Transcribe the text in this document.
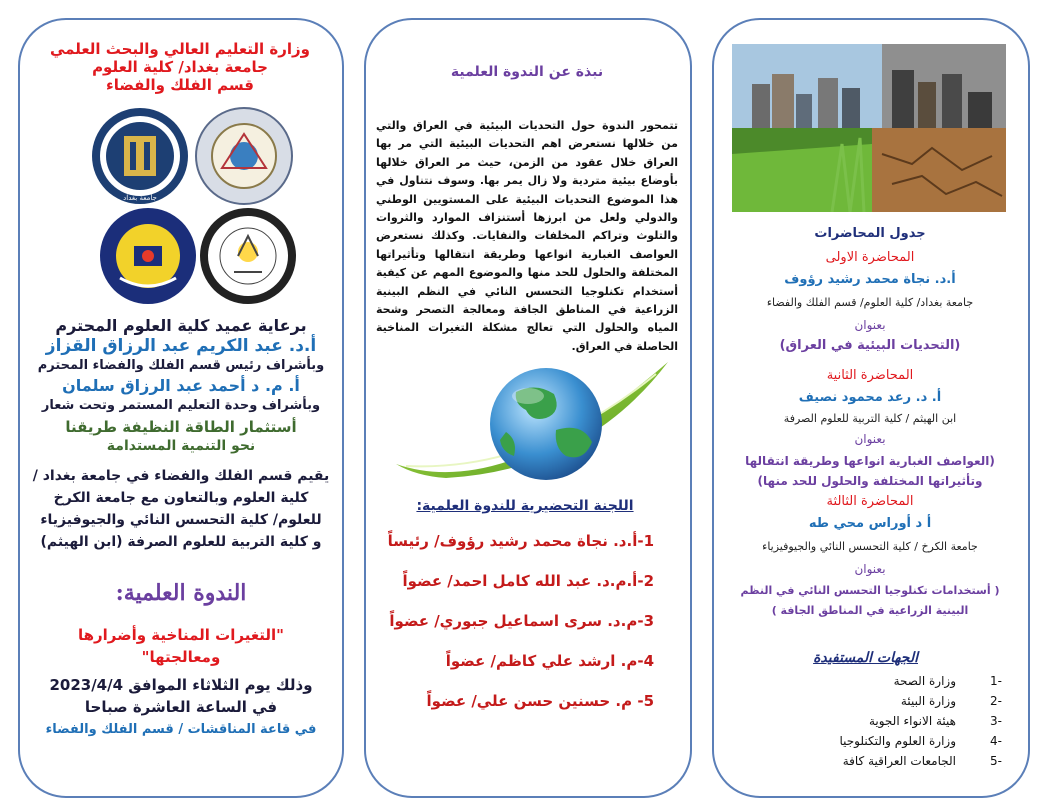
وزارة التعليم العالي والبحث العلمي
جامعة بغداد/ كلية العلوم
قسم الفلك والفضاء
جامعة بغداد
برعاية عميد كلية العلوم المحترم
أ.د. عبد الكريم عبد الرزاق القزاز
وبأشراف رئيس قسم الفلك والفضاء المحترم
أ. م. د أحمد عبد الرزاق سلمان
وبأشراف وحدة التعليم المستمر وتحت شعار
أستثمار الطاقة النظيفة طريقنا
نحو التنمية المستدامة
يقيم قسم الفلك والفضاء في جامعة بغداد /
كلية العلوم وبالتعاون مع جامعة الكرخ
للعلوم/ كلية التحسس النائي والجيوفيزياء
و كلية التربية للعلوم الصرفة (ابن الهيثم)
الندوة العلمية:
"التغيرات المناخية وأضرارها
ومعالجتها"
وذلك يوم الثلاثاء الموافق 2023/4/4
في الساعة العاشرة صباحا
في قاعة المناقشات / قسم الفلك والفضاء
نبذة عن الندوة العلمية
تتمحور الندوة حول التحديات البيئية في العراق والتي من خلالها نستعرض اهم التحديات البيئية التي مر بها العراق خلال عقود من الزمن، حيث مر العراق خلالها بأوضاع بيئية متردية ولا زال يمر بها. وسوف نتناول في هذا الموضوع التحديات البيئية على المستويين الوطني والدولي ولعل من ابرزها أستنزاف الموارد والثروات والتلوث وتراكم المخلفات والنفايات. وكذلك نستعرض العواصف الغبارية انواعها وطريقة انتقالها وتأثيراتها المختلفة والحلول للحد منها والموضوع المهم عن كيفية أستخدام تكنلوجيا التحسس النائي في النظم البينية الزراعية في المناطق الجافة ومعالجة التصحر وشحة المياه والحلول التي تعالج مشكلة التغيرات المناخية الحاصلة في العراق.
اللجنة التحضيرية للندوة العلمية:
1-أ.د. نجاة محمد رشيد رؤوف/ رئيساً
2-أ.م.د. عبد الله كامل احمد/ عضواً
3-م.د. سرى اسماعيل جبوري/ عضواً
4-م. ارشد علي كاظم/ عضواً
5- م. حسنين حسن علي/ عضواً
جدول المحاضرات
المحاضرة الاولى
أ.د. نجاة محمد رشيد رؤوف
جامعة بغداد/ كلية العلوم/ قسم الفلك والفضاء
بعنوان
(التحديات البيئية في العراق)
المحاضرة الثانية
أ. د. رعد محمود نصيف
ابن الهيثم / كلية التربية للعلوم الصرفة
بعنوان
(العواصف الغبارية انواعها وطريقة انتقالها
وتأثيراتها المختلفة والحلول للحد منها)
المحاضرة الثالثة
أ د أوراس محي طه
جامعة الكرخ / كلية التحسس النائي والجيوفيزياء
بعنوان
( أستخدامات تكنلوجيا التحسس النائي في النظم
البينية الزراعية في المناطق الجافة )
الجهات المستفيدة
وزارة الصحة	1-
وزارة البيئة	2-
هيئة الانواء الجوية	3-
وزارة العلوم والتكنلوجيا	4-
الجامعات العراقية كافة	5-
